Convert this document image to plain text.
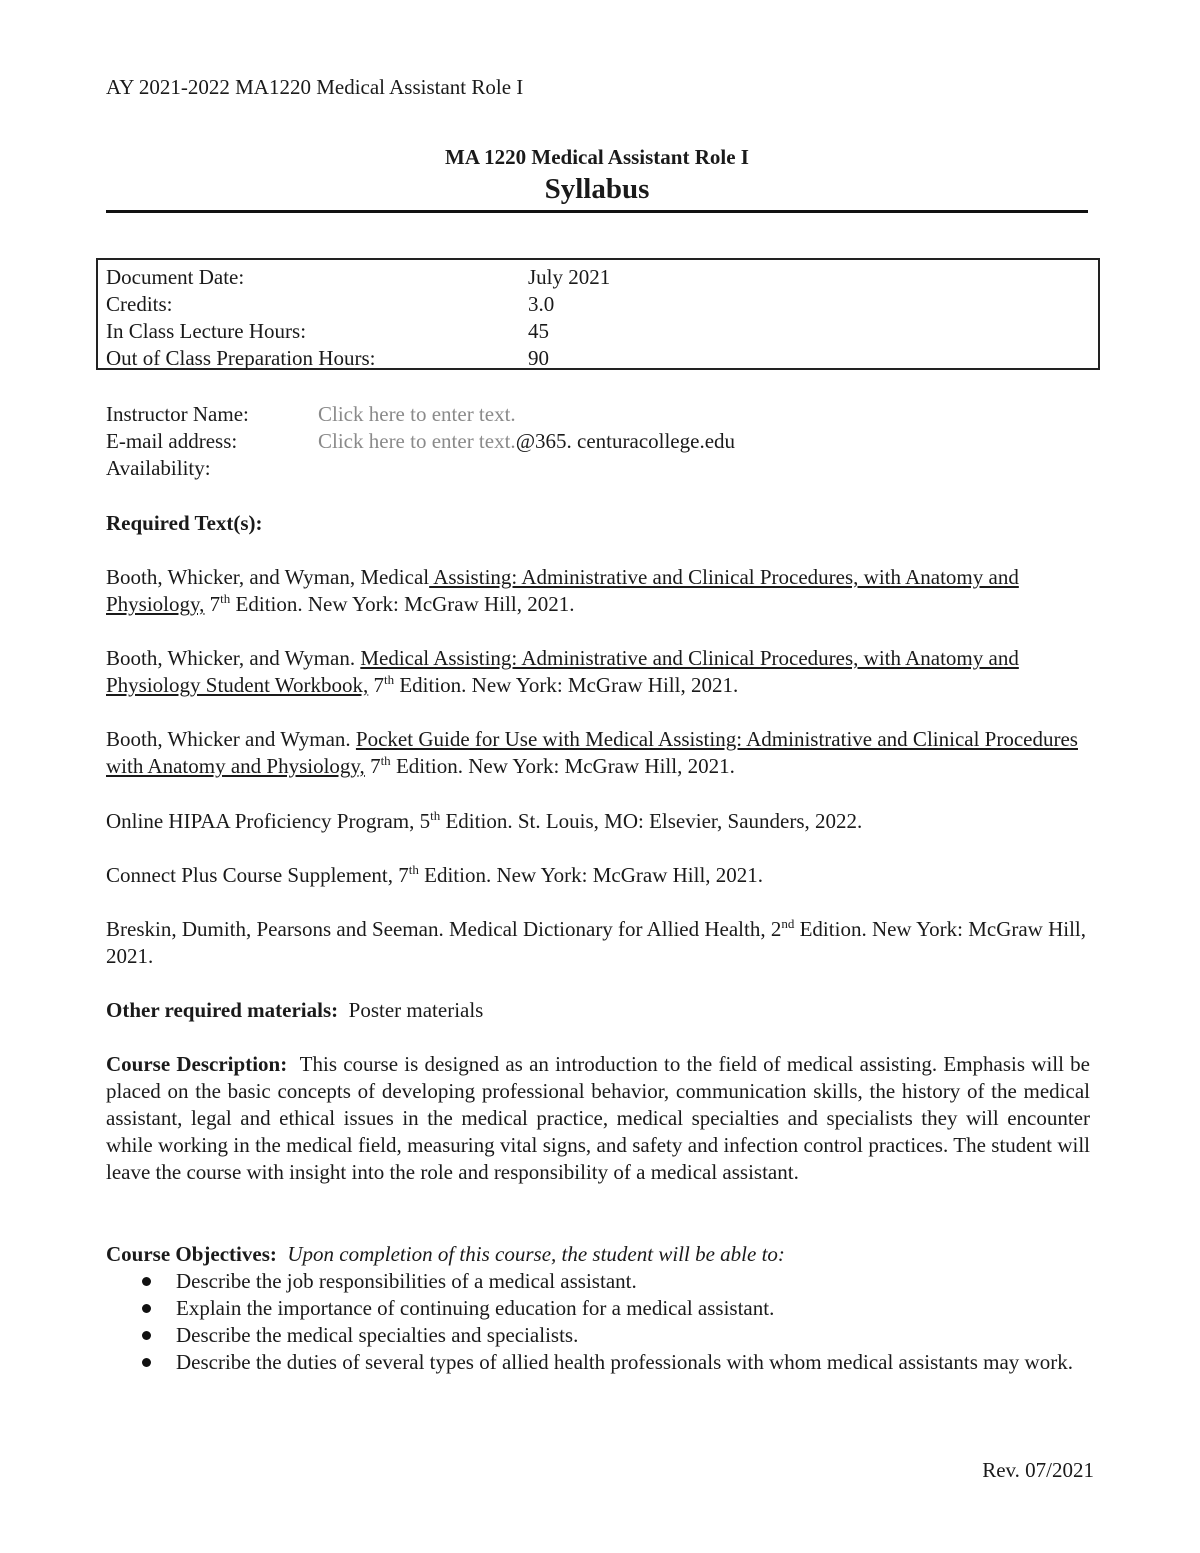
AY 2021-2022 MA1220 Medical Assistant Role I
MA 1220 Medical Assistant Role I
Syllabus
Document Date:	July 2021
Credits:	3.0
In Class Lecture Hours:	45
Out of Class Preparation Hours:	90
Instructor Name:	Click here to enter text.
E-mail address:	Click here to enter text. @365. centuracollege.edu
Availability:
Required Text(s):
Booth, Whicker, and Wyman, Medical Assisting: Administrative and Clinical Procedures, with Anatomy and Physiology, 7th Edition. New York: McGraw Hill, 2021.
Booth, Whicker, and Wyman. Medical Assisting: Administrative and Clinical Procedures, with Anatomy and Physiology Student Workbook, 7th Edition. New York: McGraw Hill, 2021.
Booth, Whicker and Wyman. Pocket Guide for Use with Medical Assisting: Administrative and Clinical Procedures with Anatomy and Physiology, 7th Edition. New York: McGraw Hill, 2021.
Online HIPAA Proficiency Program, 5th Edition. St. Louis, MO: Elsevier, Saunders, 2022.
Connect Plus Course Supplement, 7th Edition. New York: McGraw Hill, 2021.
Breskin, Dumith, Pearsons and Seeman. Medical Dictionary for Allied Health, 2nd Edition. New York: McGraw Hill, 2021.
Other required materials: Poster materials
Course Description: This course is designed as an introduction to the field of medical assisting. Emphasis will be placed on the basic concepts of developing professional behavior, communication skills, the history of the medical assistant, legal and ethical issues in the medical practice, medical specialties and specialists they will encounter while working in the medical field, measuring vital signs, and safety and infection control practices. The student will leave the course with insight into the role and responsibility of a medical assistant.
Course Objectives: Upon completion of this course, the student will be able to:
Describe the job responsibilities of a medical assistant.
Explain the importance of continuing education for a medical assistant.
Describe the medical specialties and specialists.
Describe the duties of several types of allied health professionals with whom medical assistants may work.
Rev. 07/2021
